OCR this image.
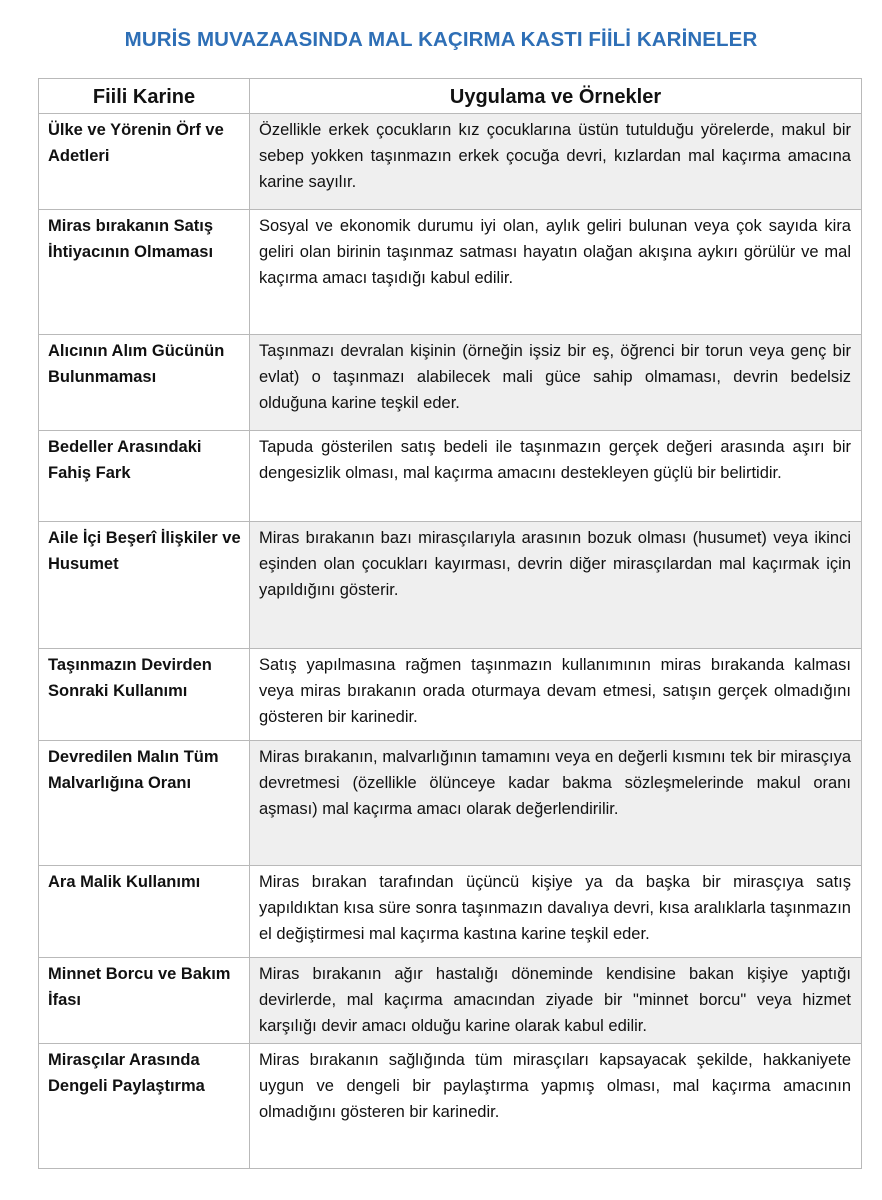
MURİS MUVAZAASINDA MAL KAÇIRMA KASTI FİİLİ KARİNELER
Fiili Karine	Uygulama ve Örnekler
Ülke ve Yörenin Örf ve Adetleri	Özellikle erkek çocukların kız çocuklarına üstün tutulduğu yörelerde, makul bir sebep yokken taşınmazın erkek çocuğa devri, kızlardan mal kaçırma amacına karine sayılır.
Miras bırakanın Satış İhtiyacının Olmaması	Sosyal ve ekonomik durumu iyi olan, aylık geliri bulunan veya çok sayıda kira geliri olan birinin taşınmaz satması hayatın olağan akışına aykırı görülür ve mal kaçırma amacı taşıdığı kabul edilir.
Alıcının Alım Gücünün Bulunmaması	Taşınmazı devralan kişinin (örneğin işsiz bir eş, öğrenci bir torun veya genç bir evlat) o taşınmazı alabilecek mali güce sahip olmaması, devrin bedelsiz olduğuna karine teşkil eder.
Bedeller Arasındaki Fahiş Fark	Tapuda gösterilen satış bedeli ile taşınmazın gerçek değeri arasında aşırı bir dengesizlik olması, mal kaçırma amacını destekleyen güçlü bir belirtidir.
Aile İçi Beşerî İlişkiler ve Husumet	Miras bırakanın bazı mirasçılarıyla arasının bozuk olması (husumet) veya ikinci eşinden olan çocukları kayırması, devrin diğer mirasçılardan mal kaçırmak için yapıldığını gösterir.
Taşınmazın Devirden Sonraki Kullanımı	Satış yapılmasına rağmen taşınmazın kullanımının miras bırakanda kalması veya miras bırakanın orada oturmaya devam etmesi, satışın gerçek olmadığını gösteren bir karinedir.
Devredilen Malın Tüm Malvarlığına Oranı	Miras bırakanın, malvarlığının tamamını veya en değerli kısmını tek bir mirasçıya devretmesi (özellikle ölünceye kadar bakma sözleşmelerinde makul oranı aşması) mal kaçırma amacı olarak değerlendirilir.
Ara Malik Kullanımı	Miras bırakan tarafından üçüncü kişiye ya da başka bir mirasçıya satış yapıldıktan kısa süre sonra taşınmazın davalıya devri, kısa aralıklarla taşınmazın el değiştirmesi mal kaçırma kastına karine teşkil eder.
Minnet Borcu ve Bakım İfası	Miras bırakanın ağır hastalığı döneminde kendisine bakan kişiye yaptığı devirlerde, mal kaçırma amacından ziyade bir "minnet borcu" veya hizmet karşılığı devir amacı olduğu karine olarak kabul edilir.
Mirasçılar Arasında Dengeli Paylaştırma	Miras bırakanın sağlığında tüm mirasçıları kapsayacak şekilde, hakkaniyete uygun ve dengeli bir paylaştırma yapmış olması, mal kaçırma amacının olmadığını gösteren bir karinedir.
